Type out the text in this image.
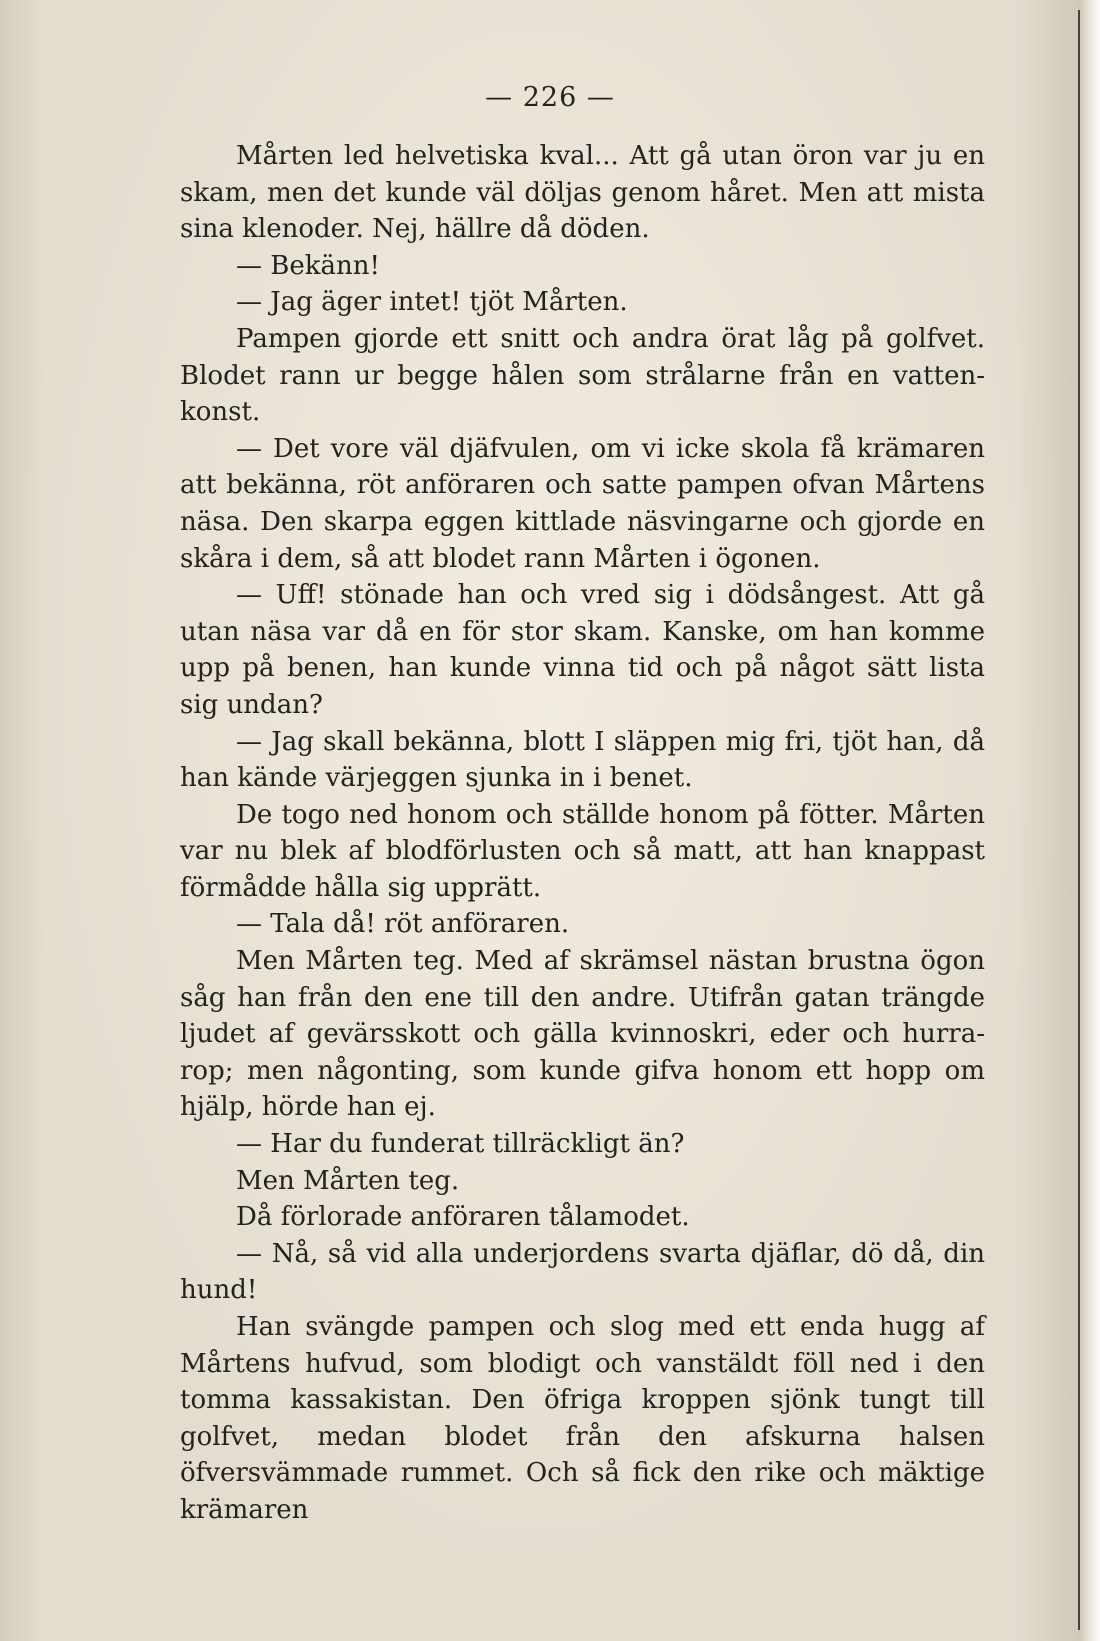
— 226 —

Mårten led helvetiska kval... Att gå utan öron var ju en skam, men det kunde väl döljas genom håret. Men att mista sina klenoder. Nej, hällre då döden.

— Bekänn!

— Jag äger intet! tjöt Mårten.

Pampen gjorde ett snitt och andra örat låg på golfvet. Blodet rann ur begge hålen som strålarne från en vatten-konst.

— Det vore väl djäfvulen, om vi icke skola få krämaren att bekänna, röt anföraren och satte pampen ofvan Mårtens näsa. Den skarpa eggen kittlade näsvingarne och gjorde en skåra i dem, så att blodet rann Mårten i ögonen.

— Uff! stönade han och vred sig i dödsångest. Att gå utan näsa var då en för stor skam. Kanske, om han komme upp på benen, han kunde vinna tid och på något sätt lista sig undan?

— Jag skall bekänna, blott I släppen mig fri, tjöt han, då han kände värjeggen sjunka in i benet.

De togo ned honom och ställde honom på fötter. Mårten var nu blek af blodförlusten och så matt, att han knappast förmådde hålla sig upprätt.

— Tala då! röt anföraren.

Men Mårten teg. Med af skrämsel nästan brustna ögon såg han från den ene till den andre. Utifrån gatan trängde ljudet af gevärsskott och gälla kvinnoskri, eder och hurra-rop; men någonting, som kunde gifva honom ett hopp om hjälp, hörde han ej.

— Har du funderat tillräckligt än?

Men Mårten teg.

Då förlorade anföraren tålamodet.

— Nå, så vid alla underjordens svarta djäflar, dö då, din hund!

Han svängde pampen och slog med ett enda hugg af Mårtens hufvud, som blodigt och vanstäldt föll ned i den tomma kassakistan. Den öfriga kroppen sjönk tungt till golfvet, medan blodet från den afskurna halsen öfversvämmade rummet. Och så fick den rike och mäktige krämaren
